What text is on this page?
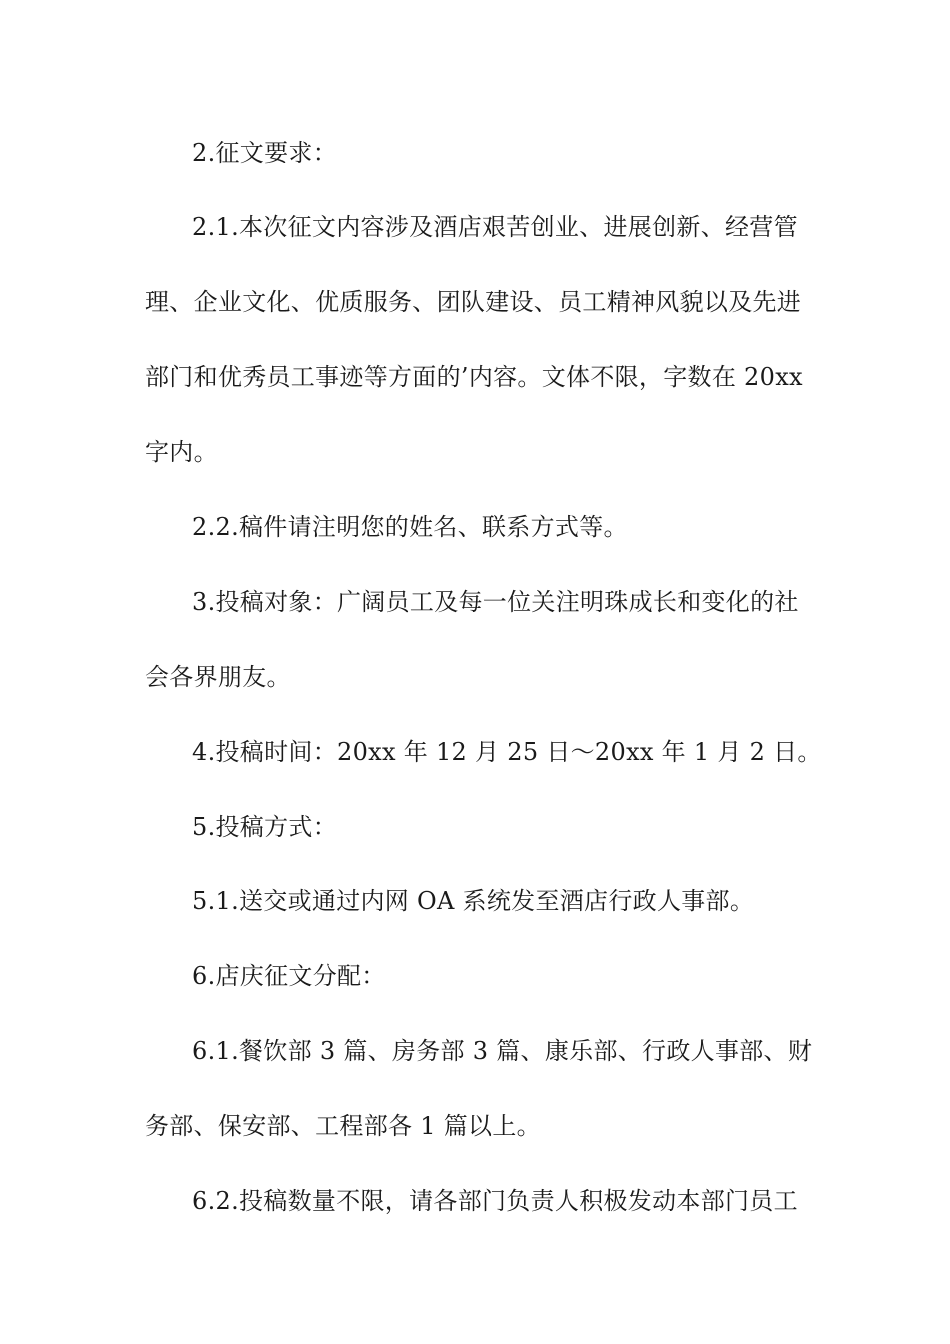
2.征文要求：
2.1.本次征文内容涉及酒店艰苦创业、进展创新、经营管
理、企业文化、优质服务、团队建设、员工精神风貌以及先进
部门和优秀员工事迹等方面的’内容。文体不限，字数在 20xx
字内。
2.2.稿件请注明您的姓名、联系方式等。
3.投稿对象：广阔员工及每一位关注明珠成长和变化的社
会各界朋友。
4.投稿时间：20xx 年 12 月 25 日～20xx 年 1 月 2 日。
5.投稿方式：
5.1.送交或通过内网 OA 系统发至酒店行政人事部。
6.店庆征文分配：
6.1.餐饮部 3 篇、房务部 3 篇、康乐部、行政人事部、财
务部、保安部、工程部各 1 篇以上。
6.2.投稿数量不限，请各部门负责人积极发动本部门员工
